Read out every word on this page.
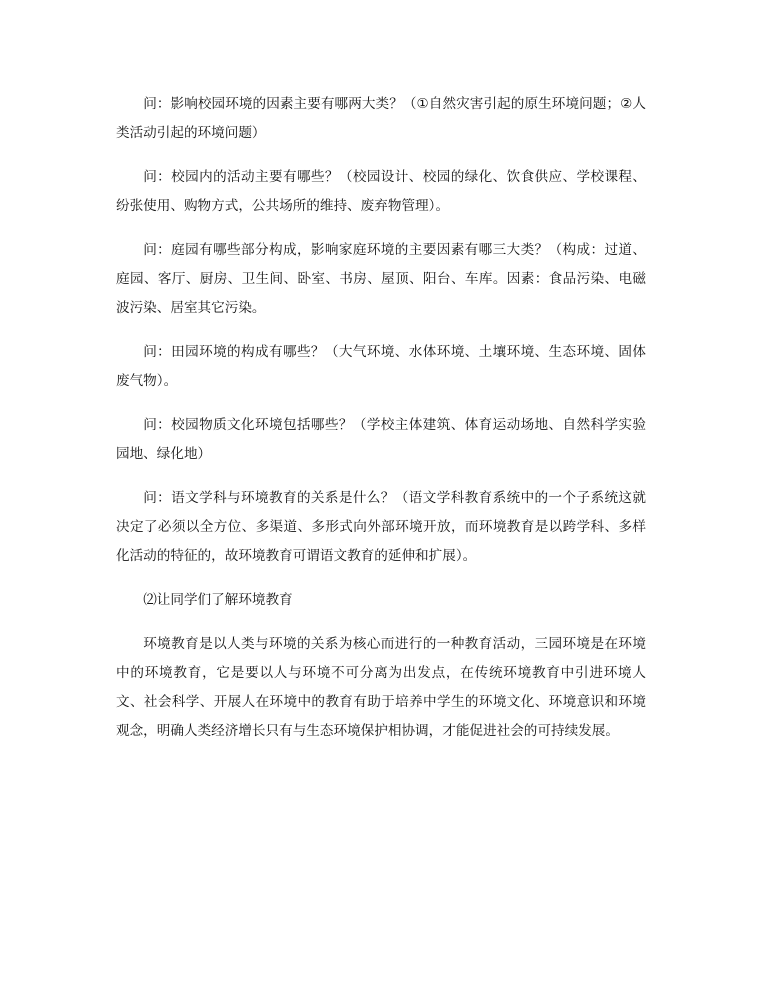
问：影响校园环境的因素主要有哪两大类？（①自然灾害引起的原生环境问题；②人类活动引起的环境问题）

问：校园内的活动主要有哪些？（校园设计、校园的绿化、饮食供应、学校课程、纷张使用、购物方式，公共场所的维持、废弃物管理）。

问：庭园有哪些部分构成，影响家庭环境的主要因素有哪三大类？（构成：过道、庭园、客厅、厨房、卫生间、卧室、书房、屋顶、阳台、车库。因素：食品污染、电磁波污染、居室其它污染。

问：田园环境的构成有哪些？（大气环境、水体环境、土壤环境、生态环境、固体废气物）。

问：校园物质文化环境包括哪些？（学校主体建筑、体育运动场地、自然科学实验园地、绿化地）

问：语文学科与环境教育的关系是什么？（语文学科教育系统中的一个子系统这就决定了必须以全方位、多渠道、多形式向外部环境开放，而环境教育是以跨学科、多样化活动的特征的，故环境教育可谓语文教育的延伸和扩展）。

⑵让同学们了解环境教育

环境教育是以人类与环境的关系为核心而进行的一种教育活动，三园环境是在环境中的环境教育，它是要以人与环境不可分离为出发点，在传统环境教育中引进环境人文、社会科学、开展人在环境中的教育有助于培养中学生的环境文化、环境意识和环境观念，明确人类经济增长只有与生态环境保护相协调，才能促进社会的可持续发展。
